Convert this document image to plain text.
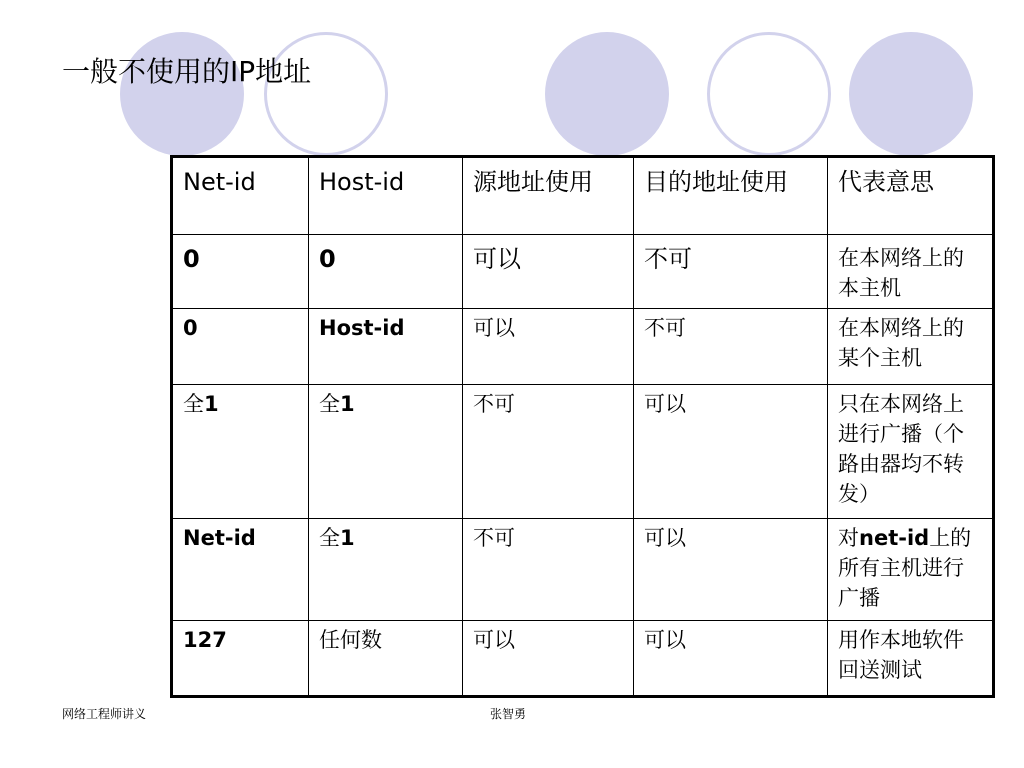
一般不使用的IP地址
Net-id	Host-id	源地址使用	目的地址使用	代表意思
0	0	可以	不可	在本网络上的本主机
0	Host-id	可以	不可	在本网络上的某个主机
全1	全1	不可	可以	只在本网络上进行广播（个路由器均不转发）
Net-id	全1	不可	可以	对net-id上的所有主机进行广播
127	任何数	可以	可以	用作本地软件回送测试
网络工程师讲义	张智勇
